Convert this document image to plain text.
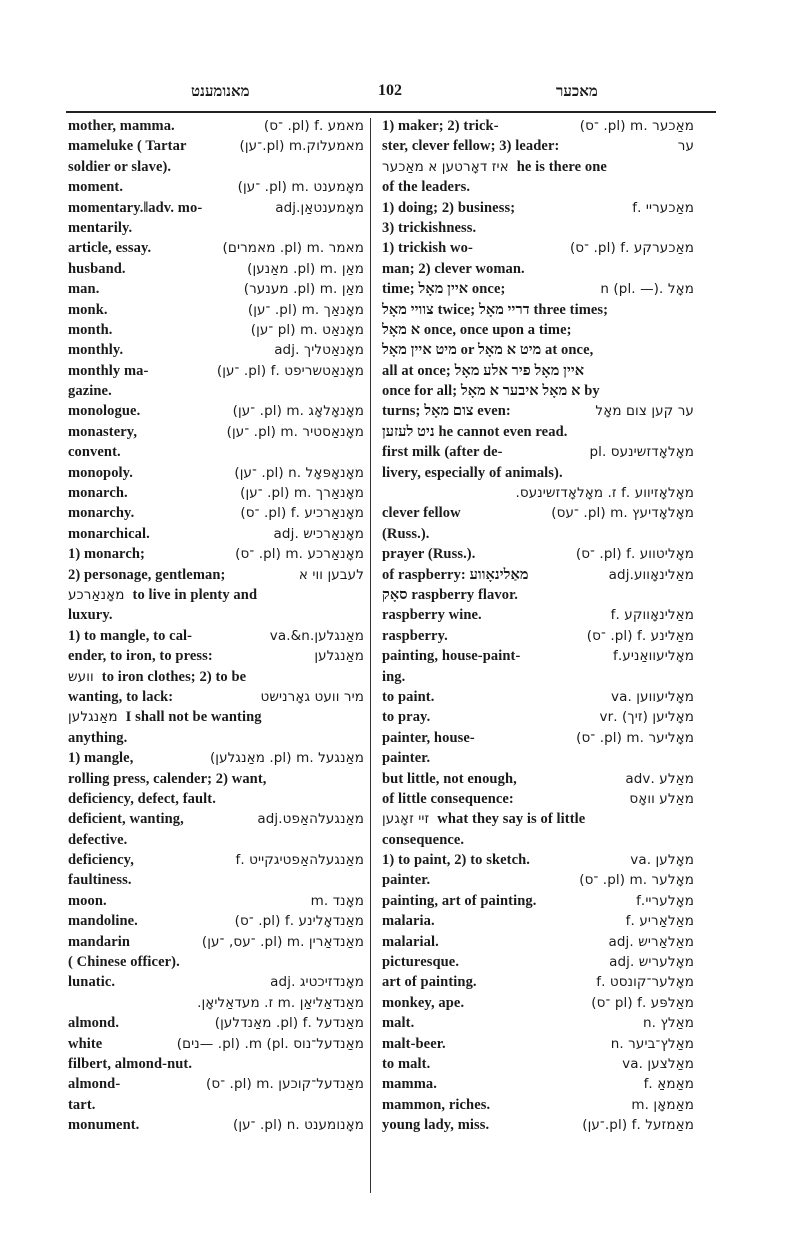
מאנומענט	102	מאכער
mother, mamma.	מאמע .f (pl. ־ס)
mameluke ( Tartar	מאמעלוק.m (pl.־ען)
soldier or slave).
moment.	מאָמענט .m (pl. ־ען)
momentary.‖adv. mo-	מאָמענטאַן.adj
mentarily.
article, essay.	מאמר .m (pl. מאמרים)
husband.	מאַן .m (pl. מאַנען)
man.	מאַן .m (pl. מענער)
monk.	מאָנאַך .m (pl. ־ען)
month.	מאָנאַט .m (pl ־ען)
monthly.	מאָנאַטליך .adj
monthly ma-	מאָנאַטשריפט .f (pl. ־ען)
gazine.
monologue.	מאָנאָלאָג .m (pl. ־ען)
monastery,	מאָנאַסטיר .m (pl. ־ען)
convent.
monopoly.	מאָנאָפּאָל .n (pl. ־ען)
monarch.	מאָנאַרך .m (pl. ־ען)
monarchy.	מאָנאַרכיע .f (pl. ־ס)
monarchical.	מאָנאַרכיש .adj
1) monarch;	מאָנאַרכע .m (pl. ־ס)
2) personage, gentleman;	לעבען ווי א
מאָנאַרכע to live in plenty and
luxury.
1) to mangle, to cal-	מאַנגלען.va.&n
ender, to iron, to press:	מאַנגלען
וועש to iron clothes; 2) to be
wanting, to lack:	מיר וועט גאָרנישט
מאַנגלען I shall not be wanting
anything.
1) mangle,	מאַנגעל .m (pl. מאַנגלען)
rolling press, calender; 2) want,
deficiency, defect, fault.
deficient, wanting,	מאַנגעלהאַפט.adj
defective.
deficiency,	מאַנגעלהאַפטיגקייט .f
faultiness.
moon.	מאָנד .m
mandoline.	מאַנדאָלינע .f (pl. ־ס)
mandarin	מאַנדאַרין .m (pl. ־עס, ־ען)
( Chinese officer).
lunatic.	מאָנדזיכטיג .adj
מאַנדאַליאַן .m ז. מעדאַליאָן.
almond.	מאַנדעל .f (pl. מאַנדלען)
white	מאַנדעל־נוס .m (pl. (pl. —נים)
filbert, almond-nut.
almond-	מאַנדעל־קוכען .m (pl. ־ס)
tart.
monument.	מאָנומענט .n (pl. ־ען)
1) maker; 2) trick-	מאַכער .m (pl. ־ס)
ster, clever fellow; 3) leader:	ער
איז דאָרטען א מאַכער he is there one
of the leaders.
1) doing; 2) business;	מאַכעריי .f
3) trickishness.
1) trickish wo-	מאַכערקע .f (pl. ־ס)
man; 2) clever woman.
time; איין מאָל once;	מאָל .n (pl. —)
צוויי מאָל twice; דריי מאָל three times;
א מאָל once, once upon a time;
מיט איין מאָל or מיט א מאָל at once,
all at once; איין מאָל פיר אלע מאָל
once for all; א מאָל איבער א מאָל by
turns; צום מאָל even:	ער קען צום מאָל
ניט לעזען he cannot even read.
first milk (after de-	מאָלאָדזשינעס .pl
livery, especially of animals).
מאָלאָזיווע .f ז. מאָלאָדזשינעס.
clever fellow	מאָלאָדיעץ .m (pl. ־עס)
(Russ.).
prayer (Russ.).	מאָליטווע .f (pl. ־ס)
of raspberry: מאַלינאָווע	מאַלינאָווע.adj
סאָק raspberry flavor.
raspberry wine.	מאַלינאָווקע .f
raspberry.	מאַלינע .f (pl. ־ס)
painting, house-paint-	מאָליעוואַניע.f
ing.
to paint.	מאָליעווען .va
to pray.	מאָליען (זיך) .vr
painter, house-	מאָליער .m (pl. ־ס)
painter.
but little, not enough,	מאַלע .adv
of little consequence:	מאַלע וואָס
זיי זאָגען what they say is of little
consequence.
1) to paint, 2) to sketch.	מאָלען .va
painter.	מאָלער .m (pl. ־ס)
painting, art of painting.	מאָלעריי.f
malaria.	מאַלאַריע .f
malarial.	מאַלאַריש .adj
picturesque.	מאָלעריש .adj
art of painting.	מאָלער־קונסט .f
monkey, ape.	מאַלפּע .f (pl ־ס)
malt.	מאַלץ .n
malt-beer.	מאַלץ־ביער .n
to malt.	מאַלצען .va
mamma.	מאַמאַ .f
mammon, riches.	מאַמאָן .m
young lady, miss.	מאַמזעל .f (pl.־ען)
